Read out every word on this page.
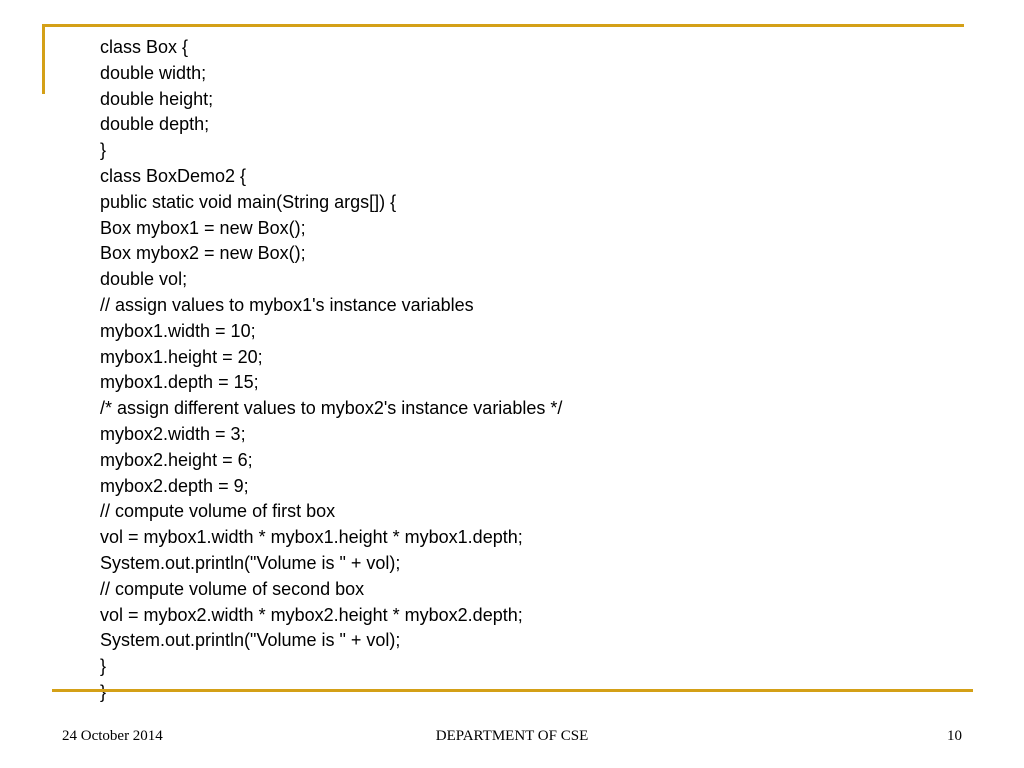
class Box {
double width;
double height;
double depth;
}
class BoxDemo2 {
public static void main(String args[]) {
Box mybox1 = new Box();
Box mybox2 = new Box();
double vol;
// assign values to mybox1's instance variables
mybox1.width = 10;
mybox1.height = 20;
mybox1.depth = 15;
/* assign different values to mybox2's instance variables */
mybox2.width = 3;
mybox2.height = 6;
mybox2.depth = 9;
// compute volume of first box
vol = mybox1.width * mybox1.height * mybox1.depth;
System.out.println("Volume is " + vol);
// compute volume of second box
vol = mybox2.width * mybox2.height * mybox2.depth;
System.out.println("Volume is " + vol);
}
24 October 2014	DEPARTMENT OF CSE	10
